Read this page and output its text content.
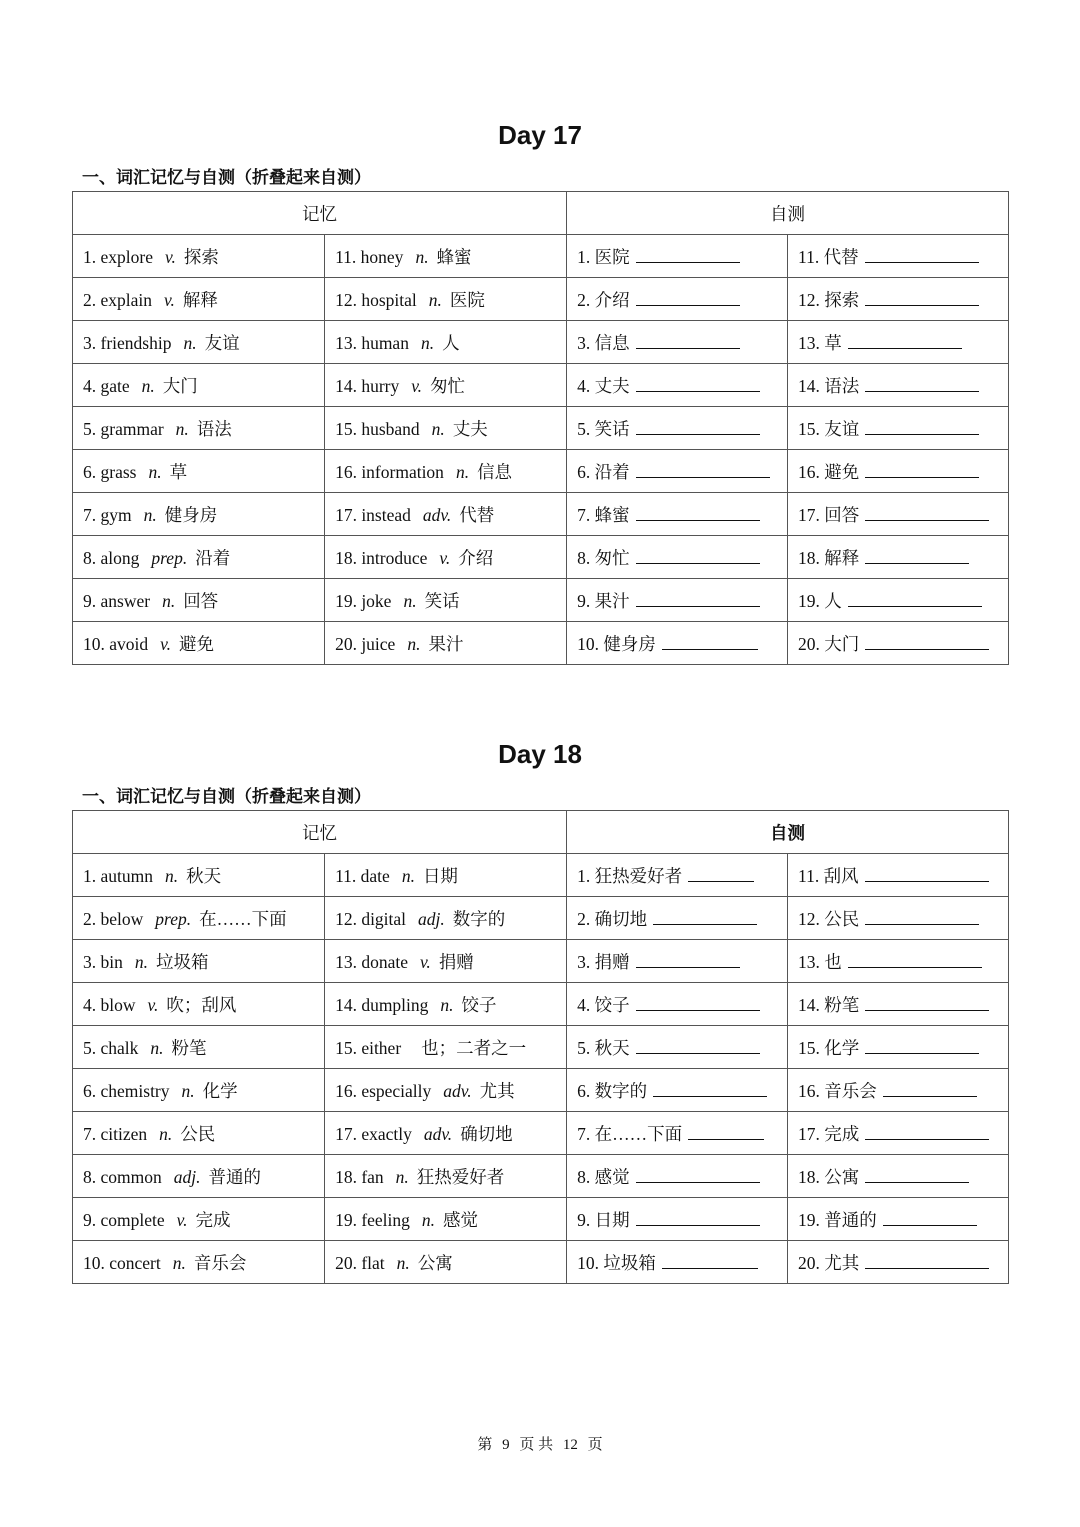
Day 17
一、词汇记忆与自测（折叠起来自测）
记忆		自测	
1. explore v. 探索	11. honey n. 蜂蜜	1. 医院	11. 代替
2. explain v. 解释	12. hospital n. 医院	2. 介绍	12. 探索
3. friendship n. 友谊	13. human n. 人	3. 信息	13. 草
4. gate n. 大门	14. hurry v. 匆忙	4. 丈夫	14. 语法
5. grammar n. 语法	15. husband n. 丈夫	5. 笑话	15. 友谊
6. grass n. 草	16. information n. 信息	6. 沿着	16. 避免
7. gym n. 健身房	17. instead adv. 代替	7. 蜂蜜	17. 回答
8. along prep. 沿着	18. introduce v. 介绍	8. 匆忙	18. 解释
9. answer n. 回答	19. joke n. 笑话	9. 果汁	19. 人
10. avoid v. 避免	20. juice n. 果汁	10. 健身房	20. 大门
Day 18
一、词汇记忆与自测（折叠起来自测）
记忆		自测	
1. autumn n. 秋天	11. date n. 日期	1. 狂热爱好者	11. 刮风
2. below prep. 在……下面	12. digital adj. 数字的	2. 确切地	12. 公民
3. bin n. 垃圾箱	13. donate v. 捐赠	3. 捐赠	13. 也
4. blow v. 吹；刮风	14. dumpling n. 饺子	4. 饺子	14. 粉笔
5. chalk n. 粉笔	15. either 也；二者之一	5. 秋天	15. 化学
6. chemistry n. 化学	16. especially adv. 尤其	6. 数字的	16. 音乐会
7. citizen n. 公民	17. exactly adv. 确切地	7. 在……下面	17. 完成
8. common adj. 普通的	18. fan n. 狂热爱好者	8. 感觉	18. 公寓
9. complete v. 完成	19. feeling n. 感觉	9. 日期	19. 普通的
10. concert n. 音乐会	20. flat n. 公寓	10. 垃圾箱	20. 尤其
第 9 页 共 12 页
